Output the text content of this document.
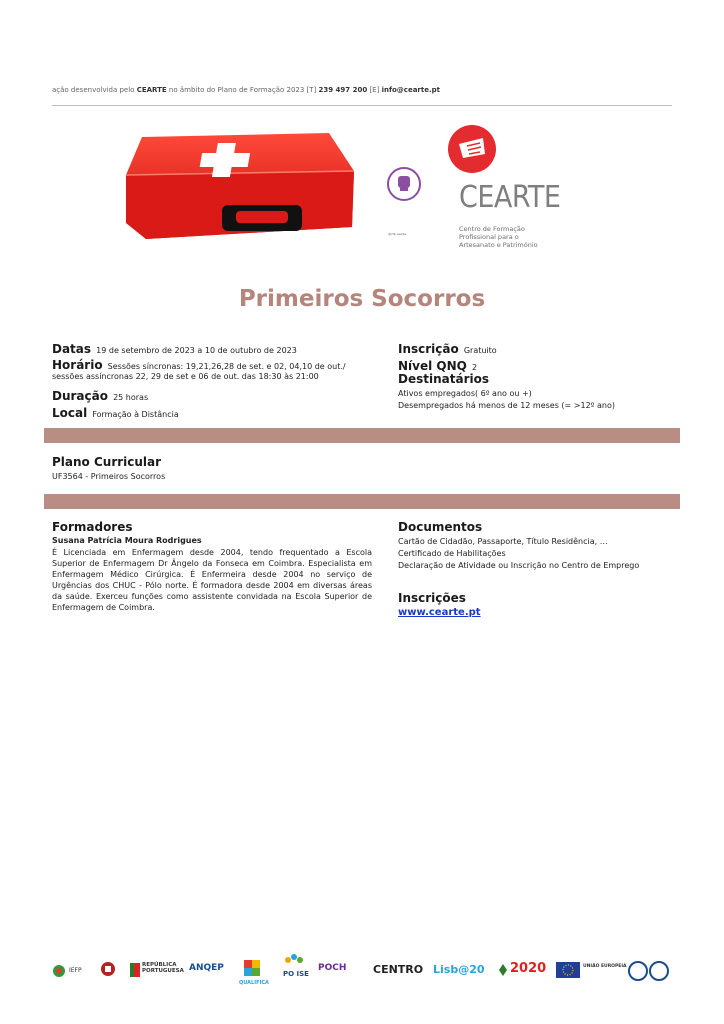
ação desenvolvida pelo CEARTE no âmbito do Plano de Formação 2023 [T] 239 497 200 [E] info@cearte.pt
@cfp.cearte
CEARTE
Centro de Formação
Profissional para o
Artesanato e Património
Primeiros Socorros
Datas 19 de setembro de 2023 a 10 de outubro de 2023
Horário Sessões síncronas: 19,21,26,28 de set. e 02, 04,10 de out./
sessões assíncronas 22, 29 de set e 06 de out. das 18:30 às 21:00
Duração 25 horas
Local Formação à Distância
Inscrição Gratuito
Nível QNQ 2
Destinatários
Ativos empregados( 6º ano ou +)
Desempregados há menos de 12 meses (= >12º ano)
Plano Curricular
UF3564 - Primeiros Socorros
Formadores
Susana Patrícia Moura Rodrigues
É Licenciada em Enfermagem desde 2004, tendo frequentado a Escola Superior de Enfermagem Dr Ângelo da Fonseca em Coimbra. Especialista em Enfermagem Médico Cirúrgica. É Enfermeira desde 2004 no serviço de Urgências dos CHUC - Pólo norte. É formadora desde 2004 em diversas áreas da saúde. Exerceu funções como assistente convidada na Escola Superior de Enfermagem de Coimbra.
Documentos
Cartão de Cidadão, Passaporte, Título Residência, …
Certificado de Habilitações
Declaração de Atividade ou Inscrição no Centro de Emprego
Inscrições
www.cearte.pt
IEFP
REPÚBLICA PORTUGUESA ANQEP
QUALIFICA
PO ISE
POCH CENTRO Lisb@20 2020	UNIÃO EUROPEIA
